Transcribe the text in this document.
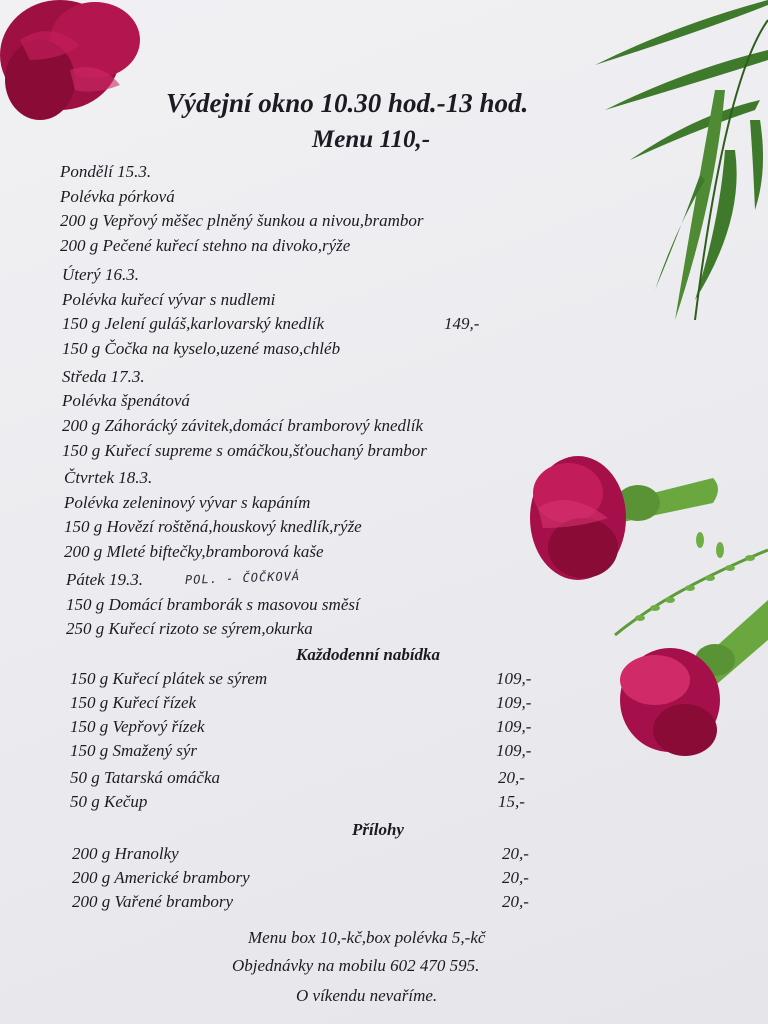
Výdejní okno 10.30 hod.-13 hod.
Menu 110,-
Pondělí 15.3.
Polévka pórková
200 g Vepřový měšec plněný šunkou a nivou,brambor
200 g Pečené kuřecí stehno na divoko,rýže
Úterý 16.3.
Polévka kuřecí vývar s nudlemi
150 g Jelení guláš,karlovarský knedlík	149,-
150 g Čočka na kyselo,uzené maso,chléb
Středa 17.3.
Polévka špenátová
200 g Záhorácký závitek,domácí bramborový knedlík
150 g Kuřecí supreme s omáčkou,šťouchaný brambor
Čtvrtek 18.3.
Polévka zeleninový vývar s kapáním
150 g Hovězí roštěná,houskový knedlík,rýže
200 g Mleté biftečky,bramborová kaše
Pátek 19.3.	POL. - ČOČKOVÁ
150 g Domácí bramborák s masovou směsí
250 g Kuřecí rizoto se sýrem,okurka
Každodenní nabídka
150 g Kuřecí plátek se sýrem	109,-
150 g Kuřecí řízek	109,-
150 g Vepřový řízek	109,-
150 g Smažený sýr	109,-
50 g Tatarská omáčka	20,-
50 g Kečup	15,-
Přílohy
200 g Hranolky	20,-
200 g Americké brambory	20,-
200 g Vařené brambory	20,-
Menu box 10,-kč,box polévka 5,-kč
Objednávky na mobilu 602 470 595.
O víkendu nevaříme.
